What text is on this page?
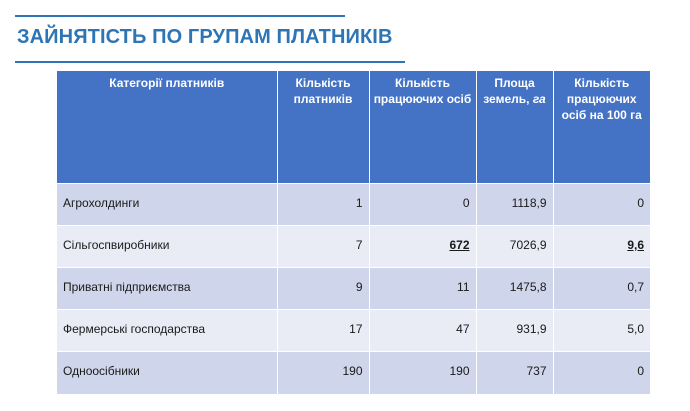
ЗАЙНЯТІСТЬ ПО ГРУПАМ ПЛАТНИКІВ
Категорії платників	Кількість платників	Кількість працюючих осіб	Площа земель, га	Кількість працюючих осіб на 100 га
Агрохолдинги	1	0	1118,9	0
Сільгоспвиробники	7	672	7026,9	9,6
Приватні підприємства	9	11	1475,8	0,7
Фермерські господарства	17	47	931,9	5,0
Одноосібники	190	190	737	0
